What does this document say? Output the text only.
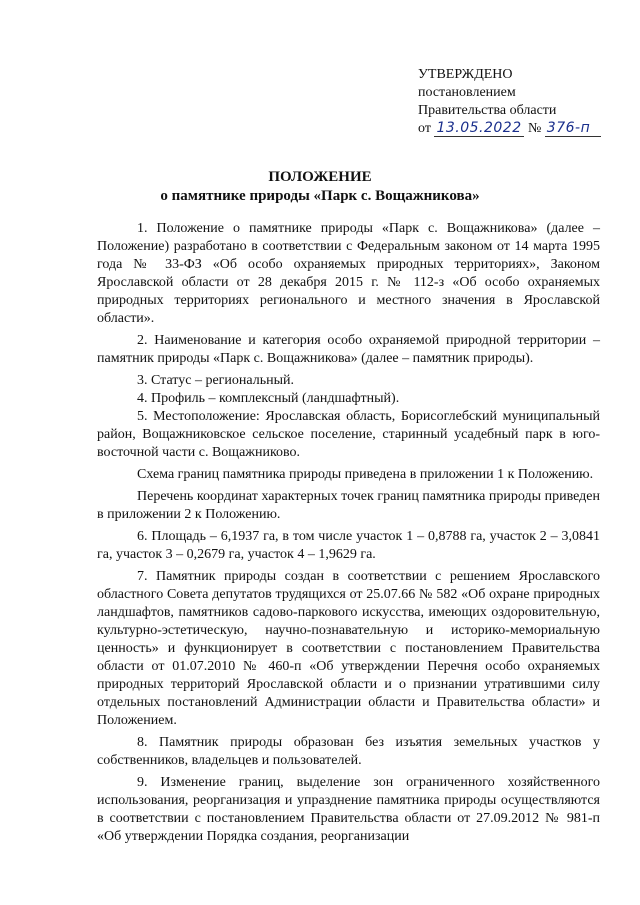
УТВЕРЖДЕНО
постановлением
Правительства области
от 13.05.2022 № 376-п
ПОЛОЖЕНИЕ
о памятнике природы «Парк с. Вощажникова»

1. Положение о памятнике природы «Парк с. Вощажникова» (далее – Положение) разработано в соответствии с Федеральным законом от 14 марта 1995 года № 33-ФЗ «Об особо охраняемых природных территориях», Законом Ярославской области от 28 декабря 2015 г. № 112-з «Об особо охраняемых природных территориях регионального и местного значения в Ярославской области».

2. Наименование и категория особо охраняемой природной территории – памятник природы «Парк с. Вощажникова» (далее – памятник природы).

3. Статус – региональный.

4. Профиль – комплексный (ландшафтный).

5. Местоположение: Ярославская область, Борисоглебский муниципальный район, Вощажниковское сельское поселение, старинный усадебный парк в юго-восточной части с. Вощажниково.

Схема границ памятника природы приведена в приложении 1 к Положению.

Перечень координат характерных точек границ памятника природы приведен в приложении 2 к Положению.

6. Площадь – 6,1937 га, в том числе участок 1 – 0,8788 га, участок 2 – 3,0841 га, участок 3 – 0,2679 га, участок 4 – 1,9629 га.

7. Памятник природы создан в соответствии с решением Ярославского областного Совета депутатов трудящихся от 25.07.66 № 582 «Об охране природных ландшафтов, памятников садово-паркового искусства, имеющих оздоровительную, культурно-эстетическую, научно-познавательную и историко-мемориальную ценность» и функционирует в соответствии с постановлением Правительства области от 01.07.2010 № 460-п «Об утверждении Перечня особо охраняемых природных территорий Ярославской области и о признании утратившими силу отдельных постановлений Администрации области и Правительства области» и Положением.

8. Памятник природы образован без изъятия земельных участков у собственников, владельцев и пользователей.

9. Изменение границ, выделение зон ограниченного хозяйственного использования, реорганизация и упразднение памятника природы осуществляются в соответствии с постановлением Правительства области от 27.09.2012 № 981-п «Об утверждении Порядка создания, реорганизации
